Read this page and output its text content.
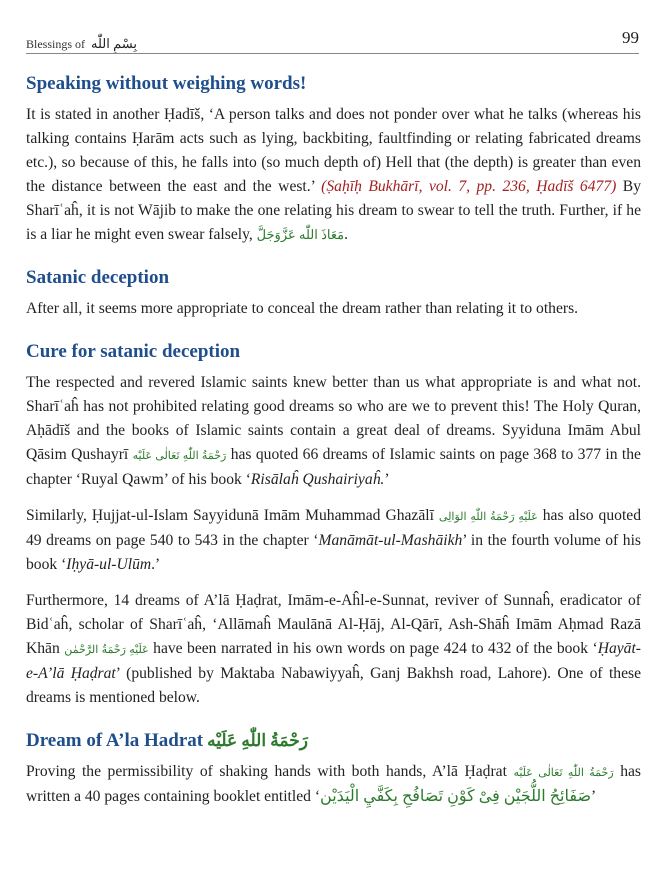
Blessings of بِسْمِ اللّٰه	99
Speaking without weighing words!

It is stated in another Ḥadīš, ‘A person talks and does not ponder over what he talks (whereas his talking contains Ḥarām acts such as lying, backbiting, faultfinding or relating fabricated dreams etc.), so because of this, he falls into (so much depth of) Hell that (the depth) is greater than even the distance between the east and the west.’ (Ṣaḥīḥ Bukhārī, vol. 7, pp. 236, Ḥadīš 6477) By Sharīʿaĥ, it is not Wājib to make the one relating his dream to swear to tell the truth. Further, if he is a liar he might even swear falsely, مَعَاذَ اللّٰه عَزَّوَجَلَّ.

Satanic deception

After all, it seems more appropriate to conceal the dream rather than relating it to others.

Cure for satanic deception

The respected and revered Islamic saints knew better than us what appropriate is and what not. Sharīʿaĥ has not prohibited relating good dreams so who are we to prevent this! The Holy Quran, Aḥādīš and the books of Islamic saints contain a great deal of dreams. Syyiduna Imām Abul Qāsim Qushayrī رَحْمَةُ اللّٰهِ تَعَالٰی عَلَيْه has quoted 66 dreams of Islamic saints on page 368 to 377 in the chapter ‘Ruyal Qawm’ of his book ‘Risālaĥ Qushairiyaĥ.’

Similarly, Ḥujjat-ul-Islam Sayyidunā Imām Muhammad Ghazālī عَلَيْهِ رَحْمَةُ اللّٰهِ الوَالِى has also quoted 49 dreams on page 540 to 543 in the chapter ‘Manāmāt-ul-Mashāikh’ in the fourth volume of his book ‘Iḥyā-ul-Ulūm.’

Furthermore, 14 dreams of A’lā Ḥaḍrat, Imām-e-Aĥl-e-Sunnat, reviver of Sunnaĥ, eradicator of Bidʿaĥ, scholar of Sharīʿaĥ, ‘Allāmaĥ Maulānā Al-Ḥāj, Al-Qārī, Ash-Shāĥ Imām Aḥmad Razā Khān عَلَيْهِ رَحْمَةُ الرَّحْمٰن have been narrated in his own words on page 424 to 432 of the book ‘Ḥayāt-e-A’lā Ḥaḍrat’ (published by Maktaba Nabawiyyaĥ, Ganj Bakhsh road, Lahore). One of these dreams is mentioned below.

Dream of A’la Hadrat رَحْمَةُ اللّٰهِ عَلَيْه

Proving the permissibility of shaking hands with both hands, A’lā Ḥaḍrat رَحْمَةُ اللّٰهِ تَعَالٰی عَلَيْه has written a 40 pages containing booklet entitled ‘صَفَائِحُ اللُّجَيْن فِىْ كَوْنِ تَصَافُحِ بِكَفَّيِ الْيَدَيْن’
